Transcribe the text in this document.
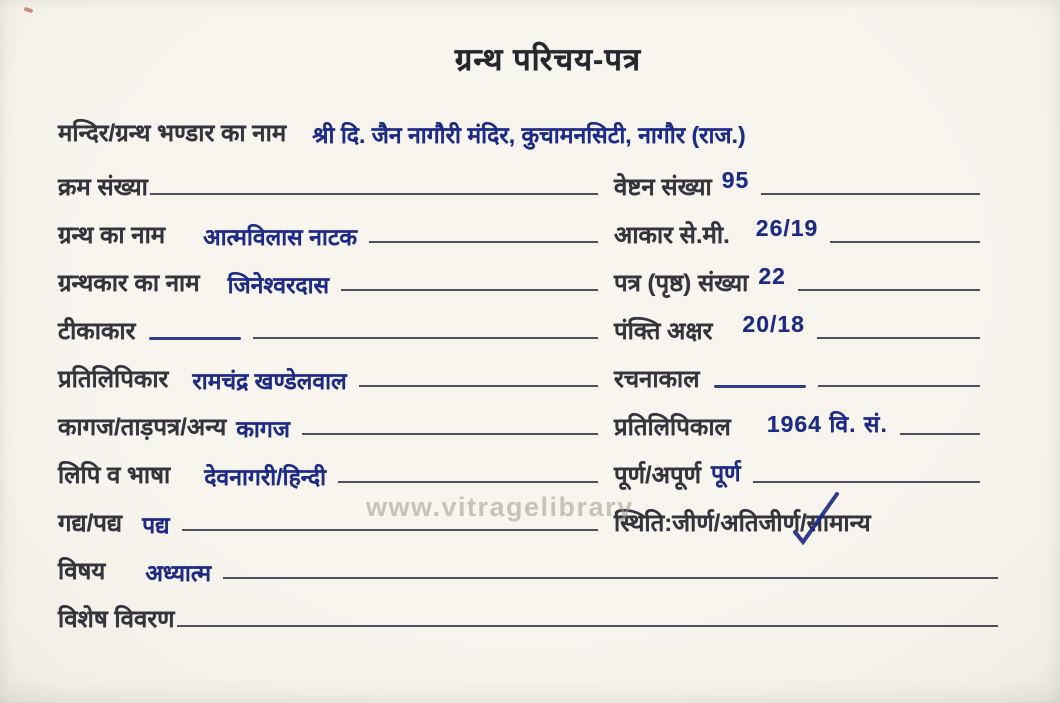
ग्रन्थ परिचय-पत्र
मन्दिर/ग्रन्थ भण्डार का नाम श्री दि. जैन नागौरी मंदिर, कुचामनसिटी, नागौर (राज.)
क्रम संख्या	वेष्टन संख्या 95
ग्रन्थ का नाम आत्मविलास नाटक	आकार से.मी. 26/19
ग्रन्थकार का नाम जिनेश्वरदास	पत्र (पृष्ठ) संख्या 22
टीकाकार	पंक्ति अक्षर 20/18
प्रतिलिपिकार रामचंद्र खण्डेलवाल	रचनाकाल
कागज/ताड़पत्र/अन्य कागज	प्रतिलिपिकाल 1964 वि. सं.
लिपि व भाषा देवनागरी/हिन्दी	पूर्ण/अपूर्ण पूर्ण
गद्य/पद्य पद्य	स्थिति:जीर्ण/अतिजीर्ण/ सामान्य
विषय अध्यात्म
विशेष विवरण
www.vitragelibrary
